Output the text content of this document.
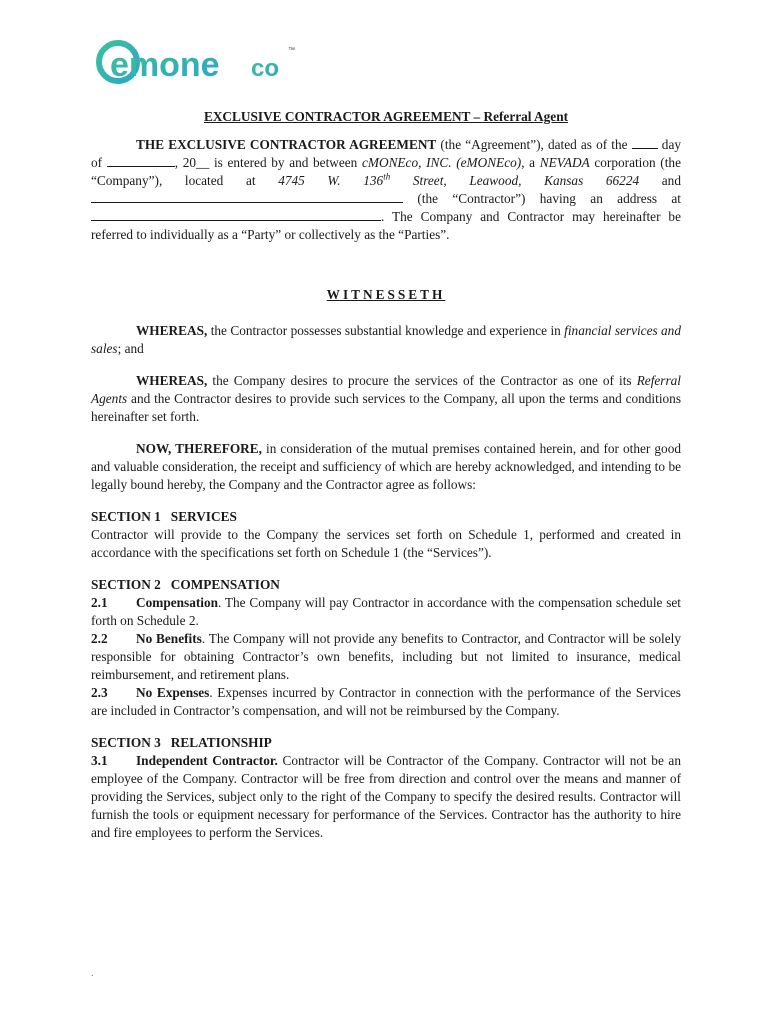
emone co
™
EXCLUSIVE CONTRACTOR AGREEMENT – Referral Agent

THE EXCLUSIVE CONTRACTOR AGREEMENT (the “Agreement”), dated as of the  day of	, 20__ is entered by and between cMONEco, INC. (eMONEco), a NEVADA corporation (the “Company”), located at 4745 W. 136th Street, Leawood, Kansas 66224 and  (the “Contractor”) having an address at . The Company and Contractor may hereinafter be referred to individually as a “Party” or collectively as the “Parties”.

WITNESSETH

WHEREAS, the Contractor possesses substantial knowledge and experience in financial services and sales; and

WHEREAS, the Company desires to procure the services of the Contractor as one of its Referral Agents and the Contractor desires to provide such services to the Company, all upon the terms and conditions hereinafter set forth.

NOW, THEREFORE, in consideration of the mutual premises contained herein, and for other good and valuable consideration, the receipt and sufficiency of which are hereby acknowledged, and intending to be legally bound hereby, the Company and the Contractor agree as follows:

SECTION 1   SERVICES

Contractor will provide to the Company the services set forth on Schedule 1, performed and created in accordance with the specifications set forth on Schedule 1 (the “Services”).

SECTION 2   COMPENSATION

2.1 Compensation. The Company will pay Contractor in accordance with the compensation schedule set forth on Schedule 2.

2.2 No Benefits. The Company will not provide any benefits to Contractor, and Contractor will be solely responsible for obtaining Contractor’s own benefits, including but not limited to insurance, medical reimbursement, and retirement plans.

2.3 No Expenses. Expenses incurred by Contractor in connection with the performance of the Services are included in Contractor’s compensation, and will not be reimbursed by the Company.

SECTION 3   RELATIONSHIP

3.1 Independent Contractor. Contractor will be Contractor of the Company. Contractor will not be an employee of the Company. Contractor will be free from direction and control over the means and manner of providing the Services, subject only to the right of the Company to specify the desired results. Contractor will furnish the tools or equipment necessary for performance of the Services. Contractor has the authority to hire and fire employees to perform the Services.

.
